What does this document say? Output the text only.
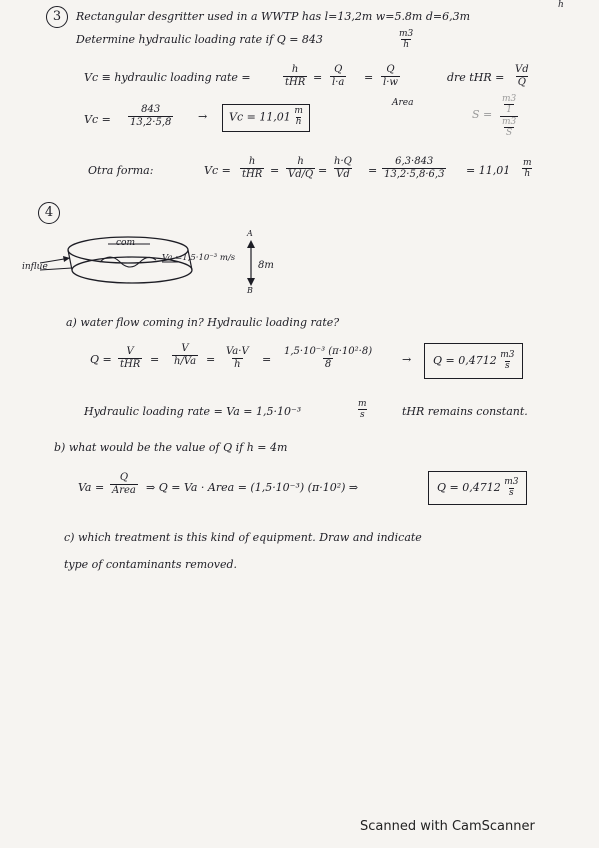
3	Rectangular desgritter used in a WWTP has l=13,2m w=5.8m d=6,3m
h
Determine hydraulic loading rate if Q = 843	$\frac{m3}{h}$
Vc ≡ hydraulic loading rate =
h
tHR = $\frac{Q}{l\cdot a} = \frac{Q}{l\cdot w}$
Area
dre tHR = $\frac{Vd}{Q}$
$Vc = \frac{843}{13,2\cdot 5,8}$ →	$Vc = 11,01 \frac{m}{h}$	S =
m3
1
m3
S
Otra forma:	Vc =
h
tHR = $\frac{h}{Vd/Q} = \frac{h\cdot Q}{Vd} = \frac{6,3\cdot 843}{13,2\cdot 5,8\cdot 6,3} = 11,01 \frac{m}{h}$
4
com
influe
Va =1,5·10⁻³ m/s
8m
A
B
a) water flow coming in? Hydraulic loading rate?
Q =
V
tHR = $\frac{V}{h/Va} = \frac{Va\cdot V}{h} = \frac{\text{1,5·10⁻³ (π·10²·8)}}{8}$	→	$Q = 0,4712 \frac{m3}{s}$
Hydraulic loading rate = Va = 1,5·10⁻³	$\frac{m}{s}$	tHR remains constant.
b) what would be the value of Q if h = 4m
Va =
Q
Area ⇒ Q = Va · Area = (1,5·10⁻³) (π·10²) ⇒	$Q = 0,4712 \frac{m3}{s}$
c) which treatment is this kind of equipment. Draw and indicate
type of contaminants removed.
Scanned with CamScanner
